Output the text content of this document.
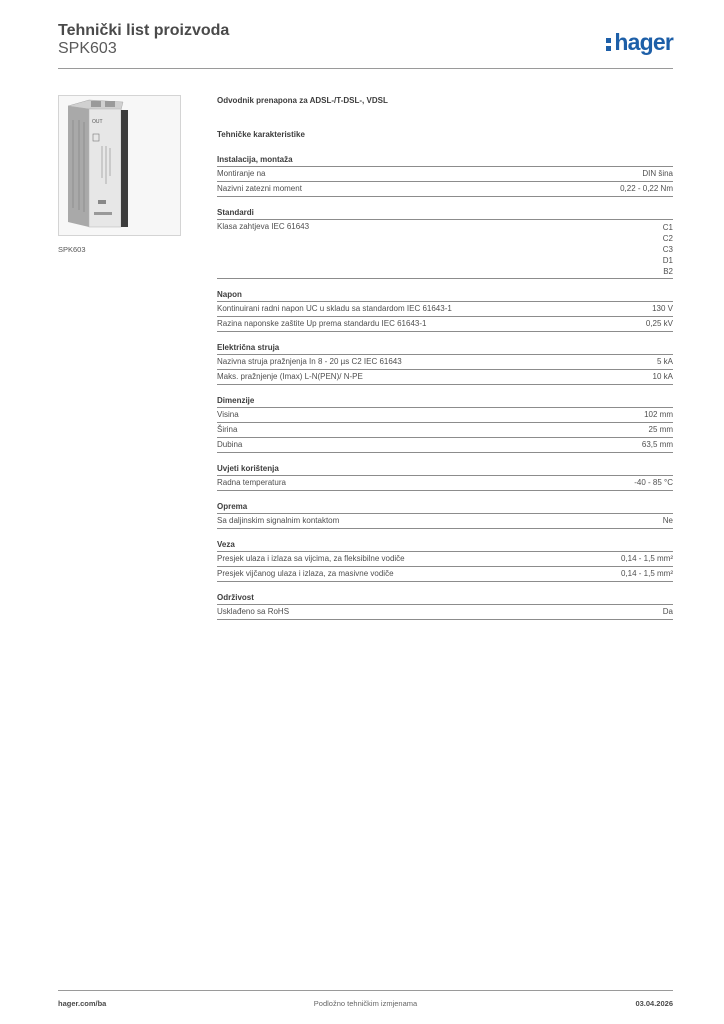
Tehnički list proizvoda
SPK603	hager
OUT
SPK603
Odvodnik prenapona za ADSL-/T-DSL-, VDSL
Tehničke karakteristike
Instalacija, montaža
Montiranje na	DIN šina
Nazivni zatezni moment	0,22 - 0,22 Nm
Standardi
Klasa zahtjeva IEC 61643	C1
C2
C3
D1
B2
Napon
Kontinuirani radni napon UC u skladu sa standardom IEC 61643-1	130 V
Razina naponske zaštite Up prema standardu IEC 61643-1	0,25 kV
Električna struja
Nazivna struja pražnjenja In 8 - 20 µs C2 IEC 61643	5 kA
Maks. pražnjenje (Imax) L-N(PEN)/ N-PE	10 kA
Dimenzije
Visina	102 mm
Širina	25 mm
Dubina	63,5 mm
Uvjeti korištenja
Radna temperatura	-40 - 85 °C
Oprema
Sa daljinskim signalnim kontaktom	Ne
Veza
Presjek ulaza i izlaza sa vijcima, za fleksibilne vodiče	0,14 - 1,5 mm²
Presjek vijčanog ulaza i izlaza, za masivne vodiče	0,14 - 1,5 mm²
Održivost
Usklađeno sa RoHS	Da
hager.com/ba	Podložno tehničkim izmjenama	03.04.2026
